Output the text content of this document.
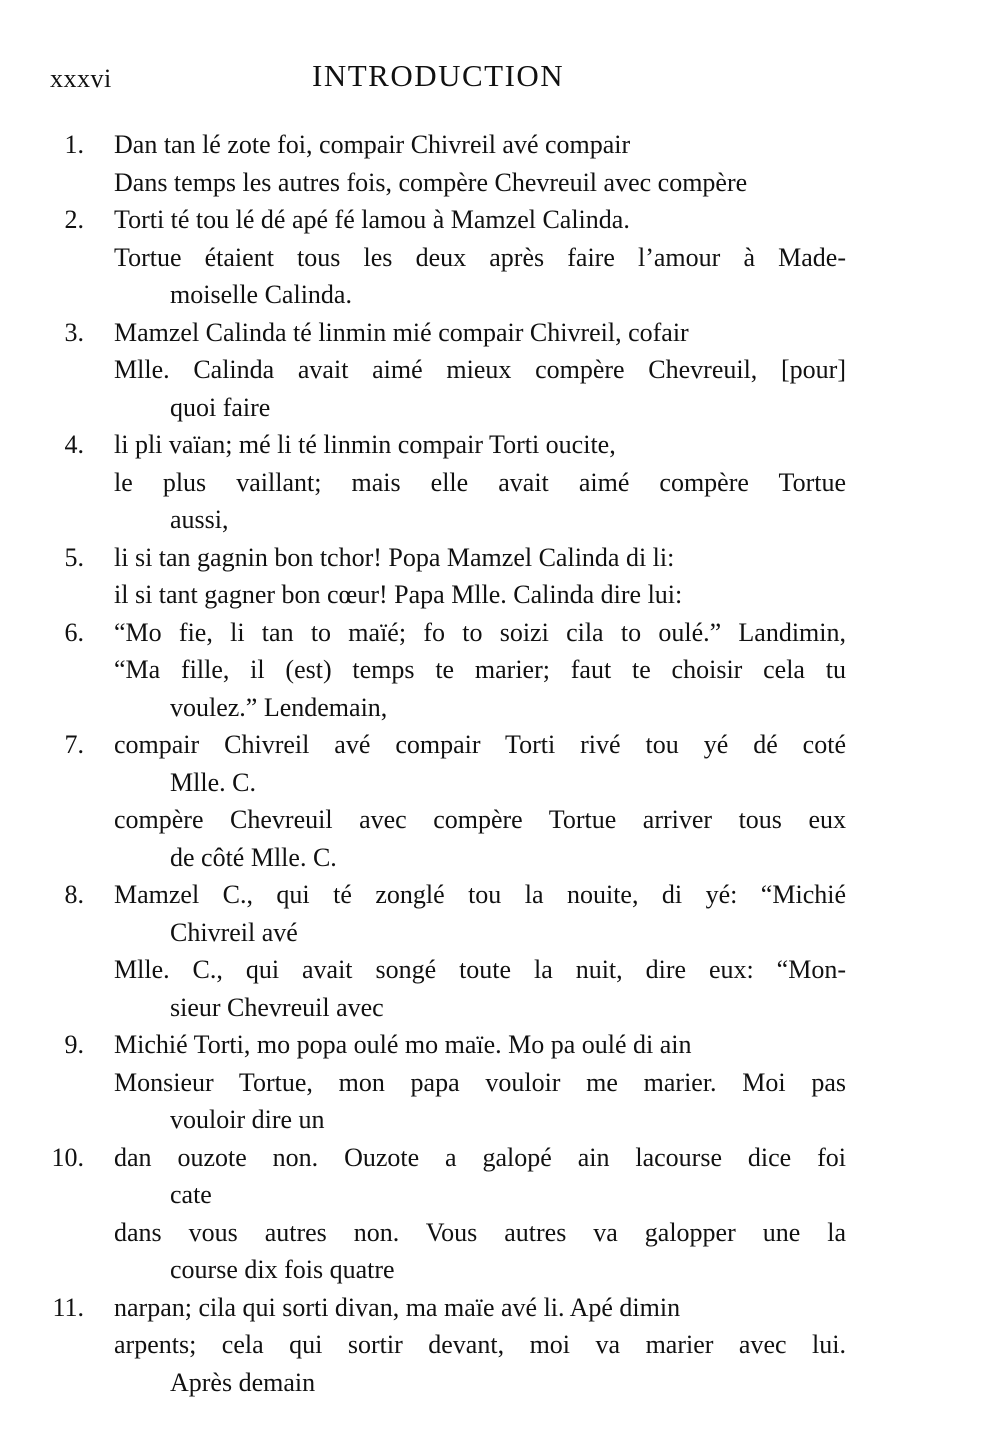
xxxvi	INTRODUCTION
1. Dan tan lé zote foi, compair Chivreil avé compair
Dans temps les autres fois, compère Chevreuil avec compère
2. Torti té tou lé dé apé fé lamou à Mamzel Calinda.
Tortue étaient tous les deux après faire l’amour à Made-
moiselle Calinda.
3. Mamzel Calinda té linmin mié compair Chivreil, cofair
Mlle. Calinda avait aimé mieux compère Chevreuil, [pour]
quoi faire
4. li pli vaïan; mé li té linmin compair Torti oucite,
le plus vaillant; mais elle avait aimé compère Tortue
aussi,
5. li si tan gagnin bon tchor! Popa Mamzel Calinda di li:
il si tant gagner bon cœur! Papa Mlle. Calinda dire lui:
6. “Mo fie, li tan to maïé; fo to soizi cila to oulé.” Landimin,
“Ma fille, il (est) temps te marier; faut te choisir cela tu
voulez.” Lendemain,
7. compair Chivreil avé compair Torti rivé tou yé dé coté
Mlle. C.
compère Chevreuil avec compère Tortue arriver tous eux
de côté Mlle. C.
8. Mamzel C., qui té zonglé tou la nouite, di yé: “Michié
Chivreil avé
Mlle. C., qui avait songé toute la nuit, dire eux: “Mon-
sieur Chevreuil avec
9. Michié Torti, mo popa oulé mo maïe. Mo pa oulé di ain
Monsieur Tortue, mon papa vouloir me marier. Moi pas
vouloir dire un
10. dan ouzote non. Ouzote a galopé ain lacourse dice foi
cate
dans vous autres non. Vous autres va galopper une la
course dix fois quatre
11. narpan; cila qui sorti divan, ma maïe avé li. Apé dimin
arpents; cela qui sortir devant, moi va marier avec lui.
Après demain
